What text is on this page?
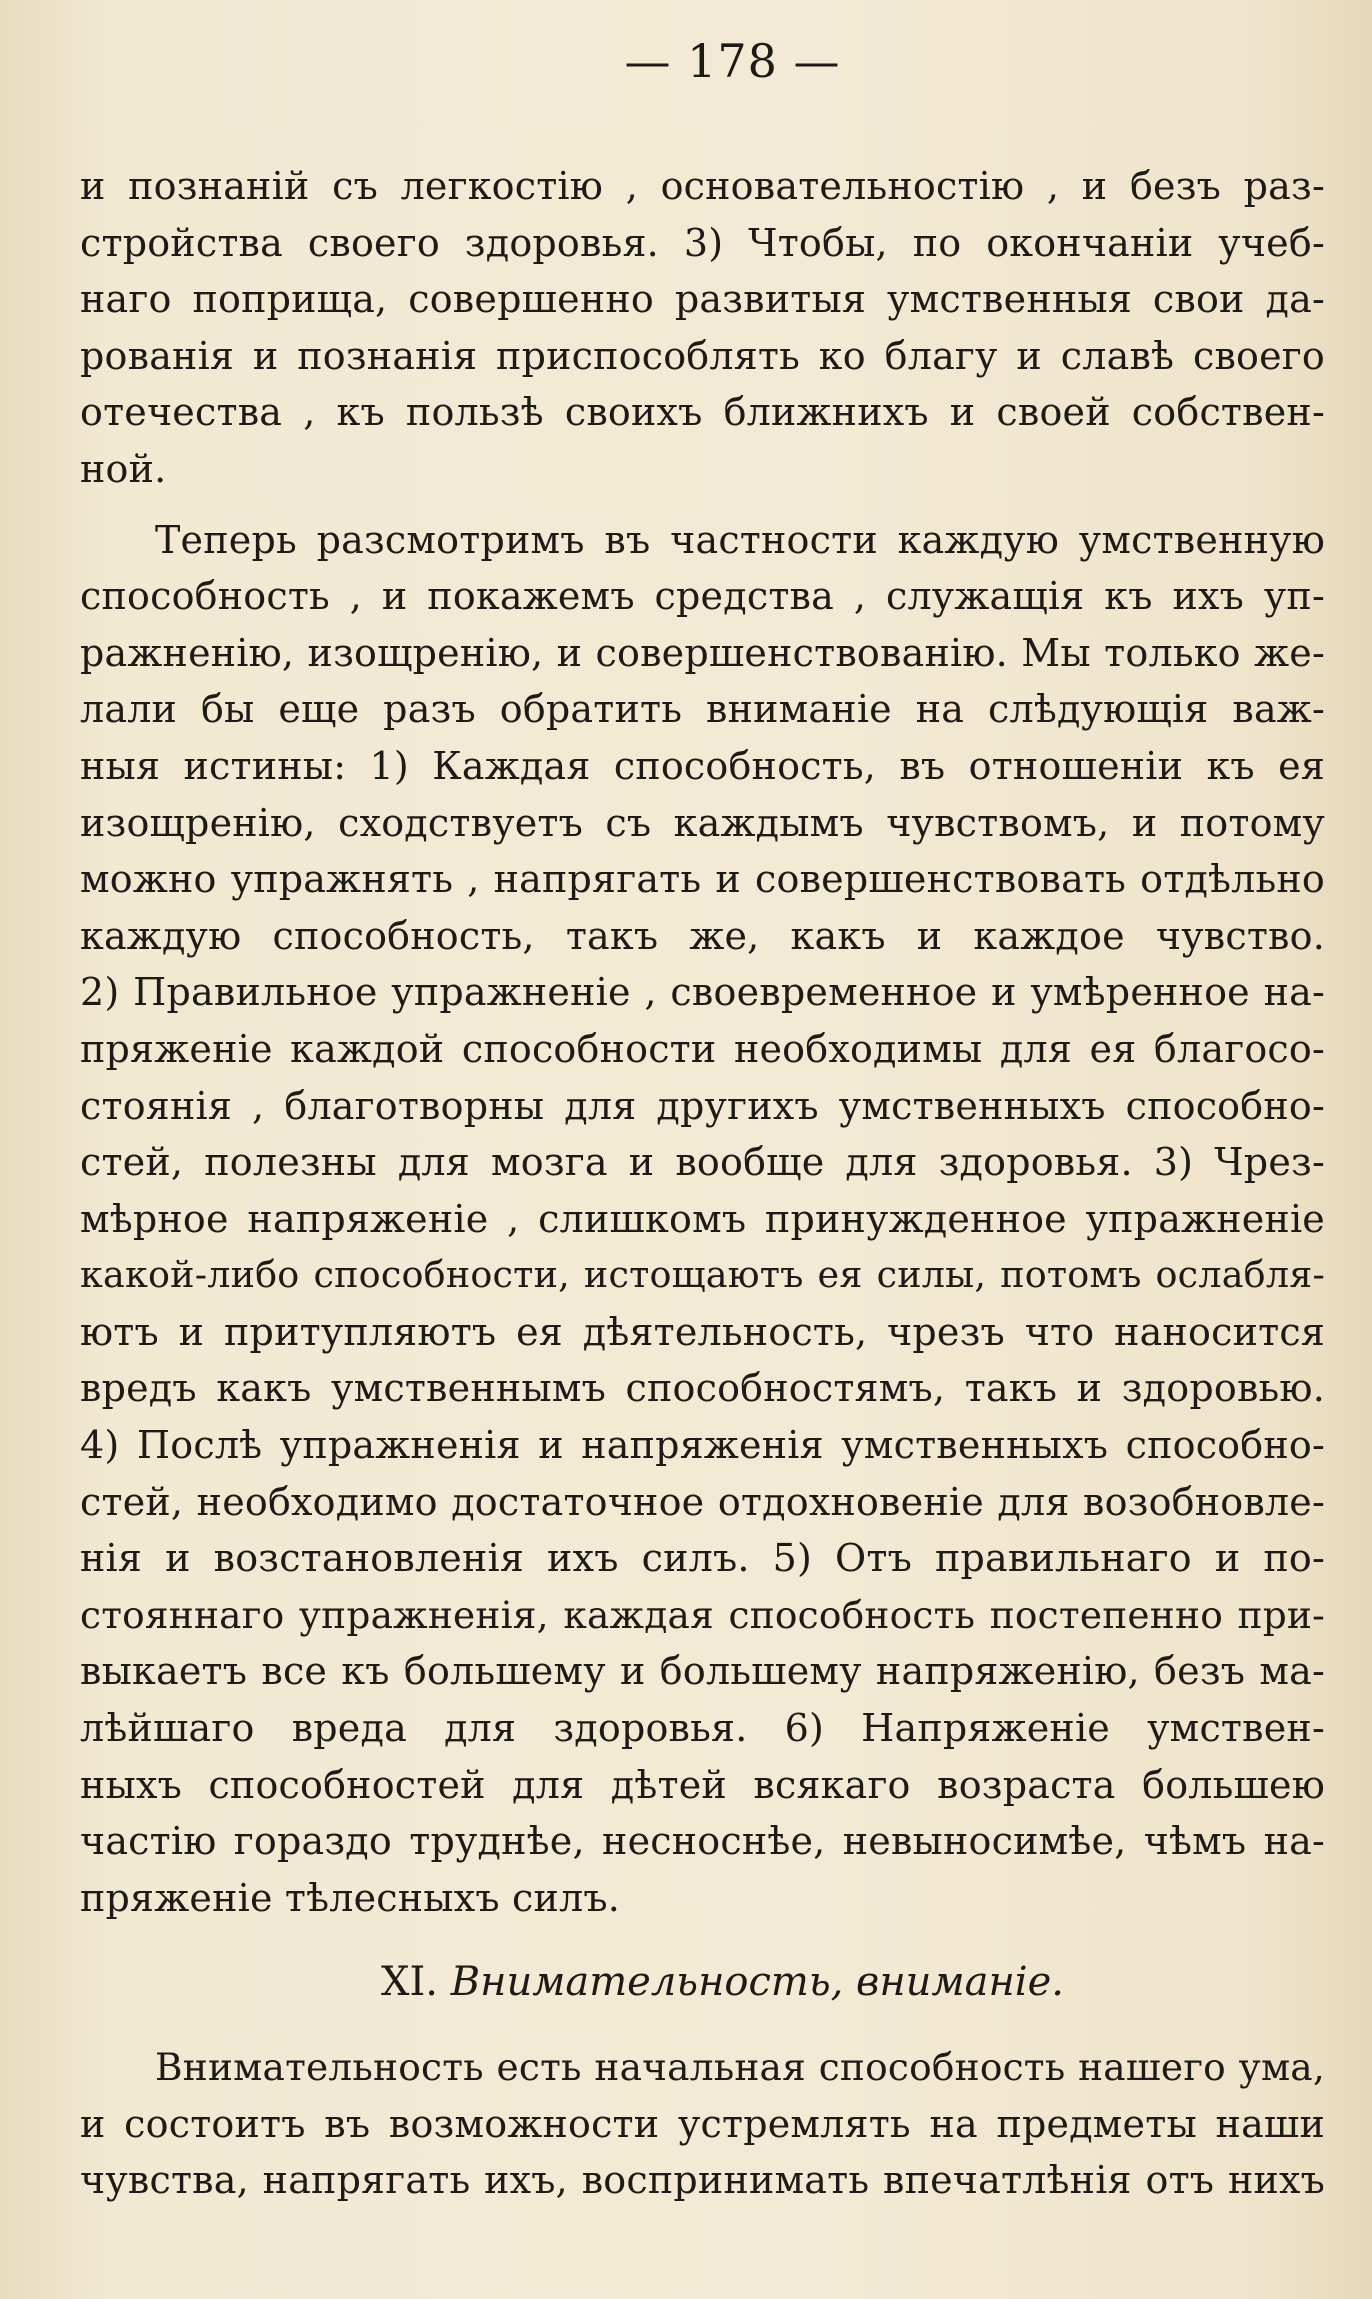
— 178 —
и познаній съ легкостію , основательностію , и безъ раз-
стройства своего здоровья. 3) Чтобы, по окончаніи учеб-
наго поприща, совершенно развитыя умственныя свои да-
рованія и познанія приспособлять ко благу и славѣ своего
отечества , къ пользѣ своихъ ближнихъ и своей собствен-
ной.
Теперь разсмотримъ въ частности каждую умственную
способность , и покажемъ средства , служащія къ ихъ уп-
ражненію, изощренію, и совершенствованію. Мы только же-
лали бы еще разъ обратить вниманіе на слѣдующія важ-
ныя истины: 1) Каждая способность, въ отношеніи къ ея
изощренію, сходствуетъ съ каждымъ чувствомъ, и потому
можно упражнять , напрягать и совершенствовать отдѣльно
каждую способность, такъ же, какъ и каждое чувство.
2) Правильное упражненіе , своевременное и умѣренное на-
пряженіе каждой способности необходимы для ея благосо-
стоянія , благотворны для другихъ умственныхъ способно-
стей, полезны для мозга и вообще для здоровья. 3) Чрез-
мѣрное напряженіе , слишкомъ принужденное упражненіе
какой-либо способности, истощаютъ ея силы, потомъ ослабля-
ютъ и притупляютъ ея дѣятельность, чрезъ что наносится
вредъ какъ умственнымъ способностямъ, такъ и здоровью.
4) Послѣ упражненія и напряженія умственныхъ способно-
стей, необходимо достаточное отдохновеніе для возобновле-
нія и возстановленія ихъ силъ. 5) Отъ правильнаго и по-
стояннаго упражненія, каждая способность постепенно при-
выкаетъ все къ большему и большему напряженію, безъ ма-
лѣйшаго вреда для здоровья. 6) Напряженіе умствен-
ныхъ способностей для дѣтей всякаго возраста большею
частію гораздо труднѣе, несноснѣе, невыносимѣе, чѣмъ на-
пряженіе тѣлесныхъ силъ.
XI. Внимательность, вниманіе.
Внимательность есть начальная способность нашего ума,
и состоитъ въ возможности устремлять на предметы наши
чувства, напрягать ихъ, воспринимать впечатлѣнія отъ нихъ
